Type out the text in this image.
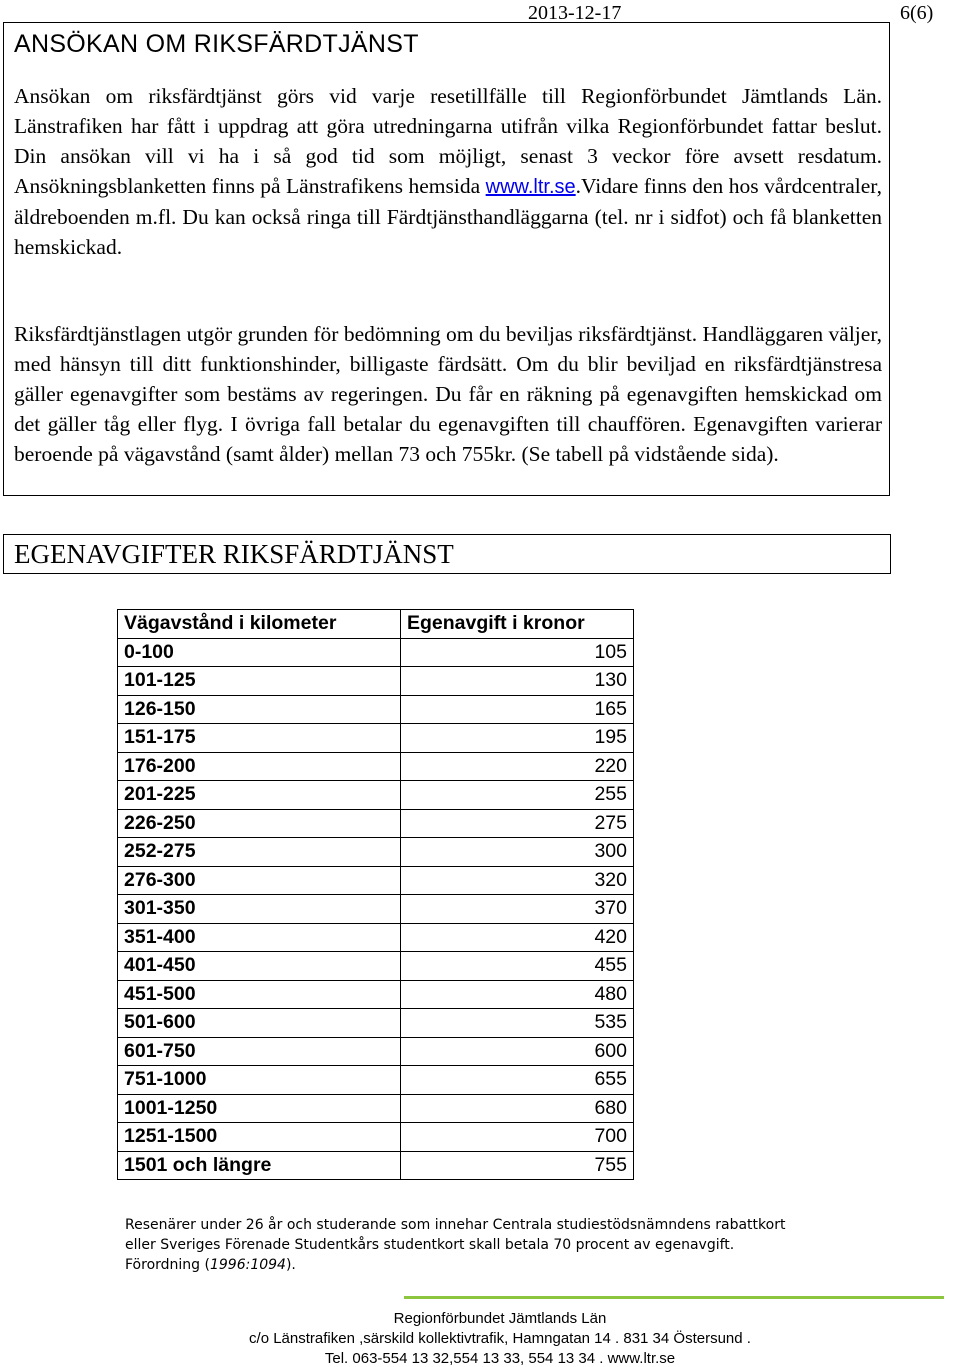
2013-12-17	6(6)
ANSÖKAN OM RIKSFÄRDTJÄNST

Ansökan om riksfärdtjänst görs vid varje resetillfälle till Regionförbundet Jämtlands Län. Länstrafiken har fått i uppdrag att göra utredningarna utifrån vilka Regionförbundet fattar beslut. Din ansökan vill vi ha i så god tid som möjligt, senast 3 veckor före avsett resdatum. Ansökningsblanketten finns på Länstrafikens hemsida www.ltr.se.Vidare finns den hos vårdcentraler, äldreboenden m.fl. Du kan också ringa till Färdtjänsthandläggarna (tel. nr i sidfot) och få blanketten hemskickad.

Riksfärdtjänstlagen utgör grunden för bedömning om du beviljas riksfärdtjänst. Handläggaren väljer, med hänsyn till ditt funktionshinder, billigaste färdsätt. Om du blir beviljad en riksfärdtjänstresa gäller egenavgifter som bestäms av regeringen. Du får en räkning på egenavgiften hemskickad om det gäller tåg eller flyg. I övriga fall betalar du egenavgiften till chauffören. Egenavgiften varierar beroende på vägavstånd (samt ålder) mellan 73 och 755kr. (Se tabell på vidstående sida).

EGENAVGIFTER RIKSFÄRDTJÄNST
Vägavstånd i kilometer	Egenavgift i kronor
0-100	105
101-125	130
126-150	165
151-175	195
176-200	220
201-225	255
226-250	275
252-275	300
276-300	320
301-350	370
351-400	420
401-450	455
451-500	480
501-600	535
601-750	600
751-1000	655
1001-1250	680
1251-1500	700
1501 och längre	755

Resenärer under 26 år och studerande som innehar Centrala studiestödsnämndens rabattkort
eller Sveriges Förenade Studentkårs studentkort skall betala 70 procent av egenavgift.
Förordning (1996:1094).

Regionförbundet Jämtlands Län
c/o Länstrafiken ,särskild kollektivtrafik, Hamngatan 14 . 831 34 Östersund .
Tel. 063-554 13 32,554 13 33, 554 13 34 . www.ltr.se
